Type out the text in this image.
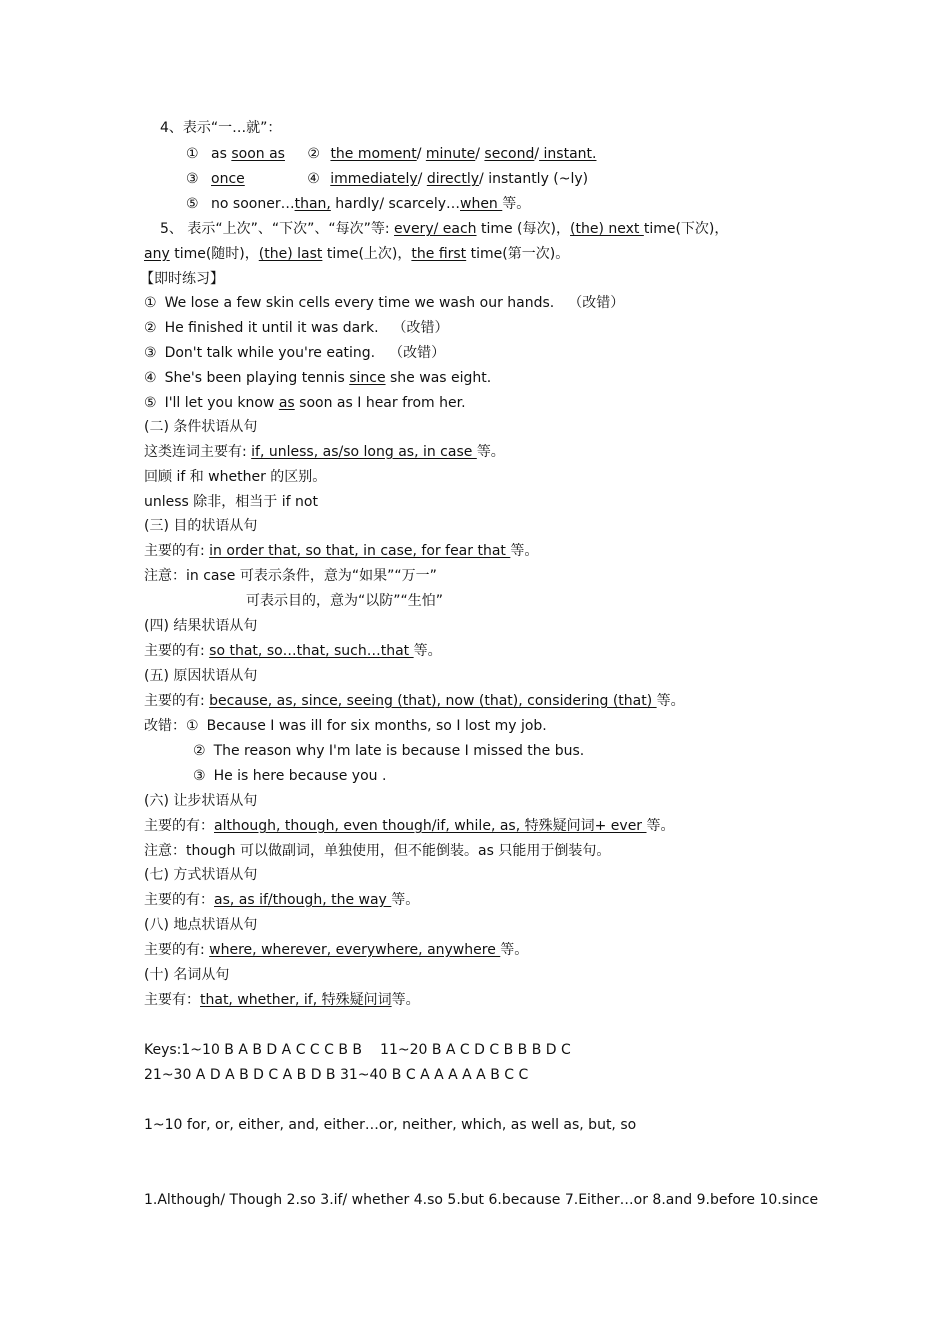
4、表示“一…就”：
① as soon as ② the moment/ minute/ second/ instant.
③ once	④ immediately/ directly/ instantly (~ly)
⑤ no sooner…than, hardly/ scarcely…when 等。
5、 表示“上次”、“下次”、“每次”等: every/ each time (每次)，(the) next time(下次)，
any time(随时)，(the) last time(上次)，the first time(第一次)。
【即时练习】
① We lose a few skin cells every time we wash our hands. （改错）
② He finished it until it was dark. （改错）
③ Don't talk while you're eating. （改错）
④ She's been playing tennis since she was eight.
⑤ I'll let you know as soon as I hear from her.
(二) 条件状语从句
这类连词主要有: if, unless, as/so long as, in case 等。
回顾 if 和 whether 的区别。
unless 除非，相当于 if not
(三) 目的状语从句
主要的有: in order that, so that, in case, for fear that 等。
注意：in case 可表示条件，意为“如果”“万一”
可表示目的，意为“以防”“生怕”
(四) 结果状语从句
主要的有: so that, so…that, such…that 等。
(五) 原因状语从句
主要的有: because, as, since, seeing (that), now (that), considering (that) 等。
改错：① Because I was ill for six months, so I lost my job.
② The reason why I'm late is because I missed the bus.
③ He is here because you .
(六) 让步状语从句
主要的有：although, though, even though/if, while, as, 特殊疑问词+ ever 等。
注意：though 可以做副词，单独使用，但不能倒装。as 只能用于倒装句。
(七) 方式状语从句
主要的有：as, as if/though, the way 等。
(八) 地点状语从句
主要的有: where, wherever, everywhere, anywhere 等。
(十) 名词从句
主要有：that, whether, if, 特殊疑问词等。
Keys:1~10 B A B D A C C C B B 11~20 B A C D C B B B D C
21~30 A D A B D C A B D B 31~40 B C A A A A A B C C
1~10 for, or, either, and, either…or, neither, which, as well as, but, so
1.Although/ Though 2.so 3.if/ whether 4.so 5.but 6.because 7.Either…or 8.and 9.before 10.since
